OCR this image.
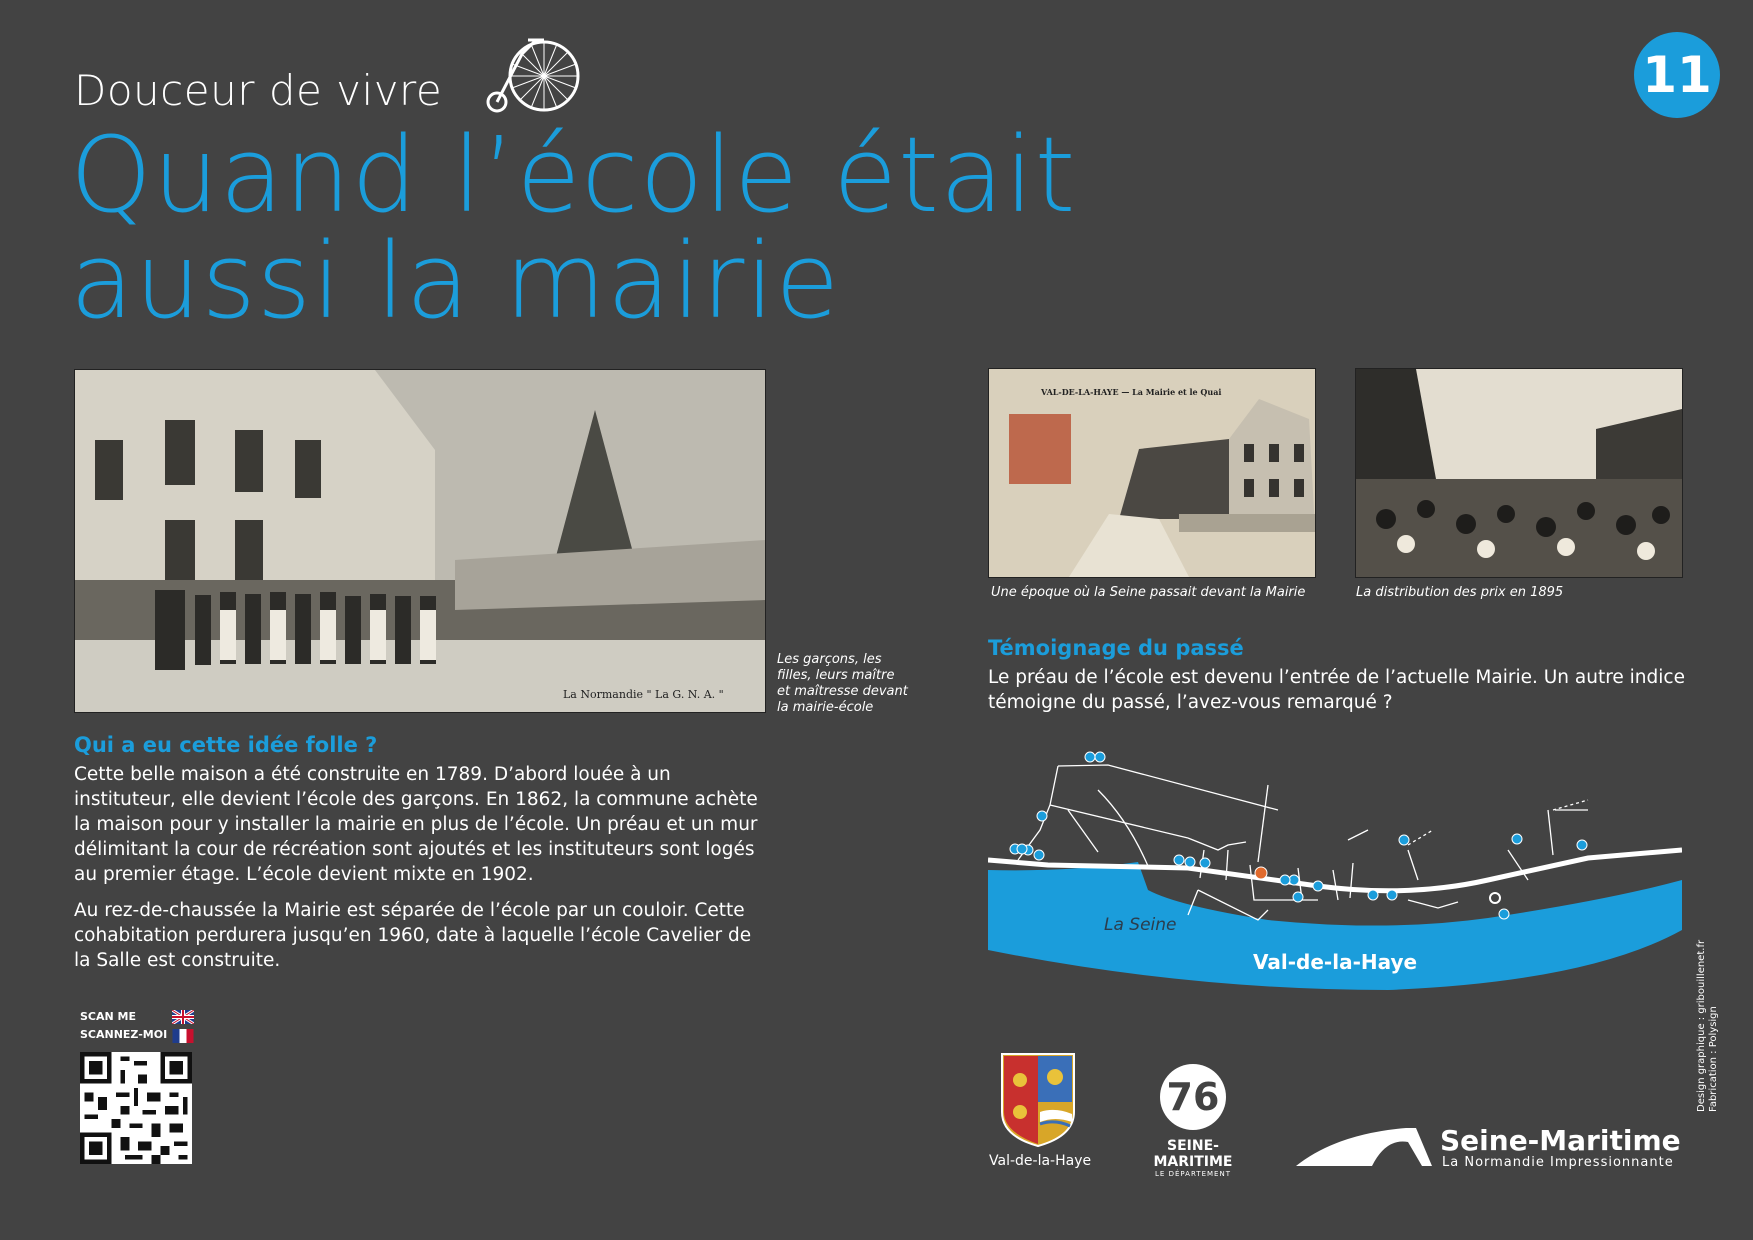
Douceur de vivre
Quand l’école était
aussi la mairie
11
La Normandie " La G. N. A. "
Les garçons, les
filles, leurs maître
et maîtresse devant
la mairie-école
Qui a eu cette idée folle ?
Cette belle maison a été construite en 1789. D’abord louée à un instituteur, elle devient l’école des garçons. En 1862, la commune achète la maison pour y installer la mairie en plus de l’école. Un préau et un mur délimitant la cour de récréation sont ajoutés et les instituteurs sont logés au premier étage. L’école devient mixte en 1902.
Au rez-de-chaussée la Mairie est séparée de l’école par un couloir. Cette cohabitation perdurera jusqu’en 1960, date à laquelle l’école Cavelier de la Salle est construite.
SCAN ME
SCANNEZ-MOI
VAL-DE-LA-HAYE — La Mairie et le Quai
Une époque où la Seine passait devant la Mairie	La distribution des prix en 1895
Témoignage du passé
Le préau de l’école est devenu l’entrée de l’actuelle Mairie. Un autre indice témoigne du passé, l’avez-vous remarqué ?
La Seine
Val-de-la-Haye
Val-de-la-Haye
76
SEINE-MARITIME
LE DÉPARTEMENT
Seine-Maritime
La Normandie Impressionnante
Design graphique : gribouillenet.fr Fabrication : Polysign
